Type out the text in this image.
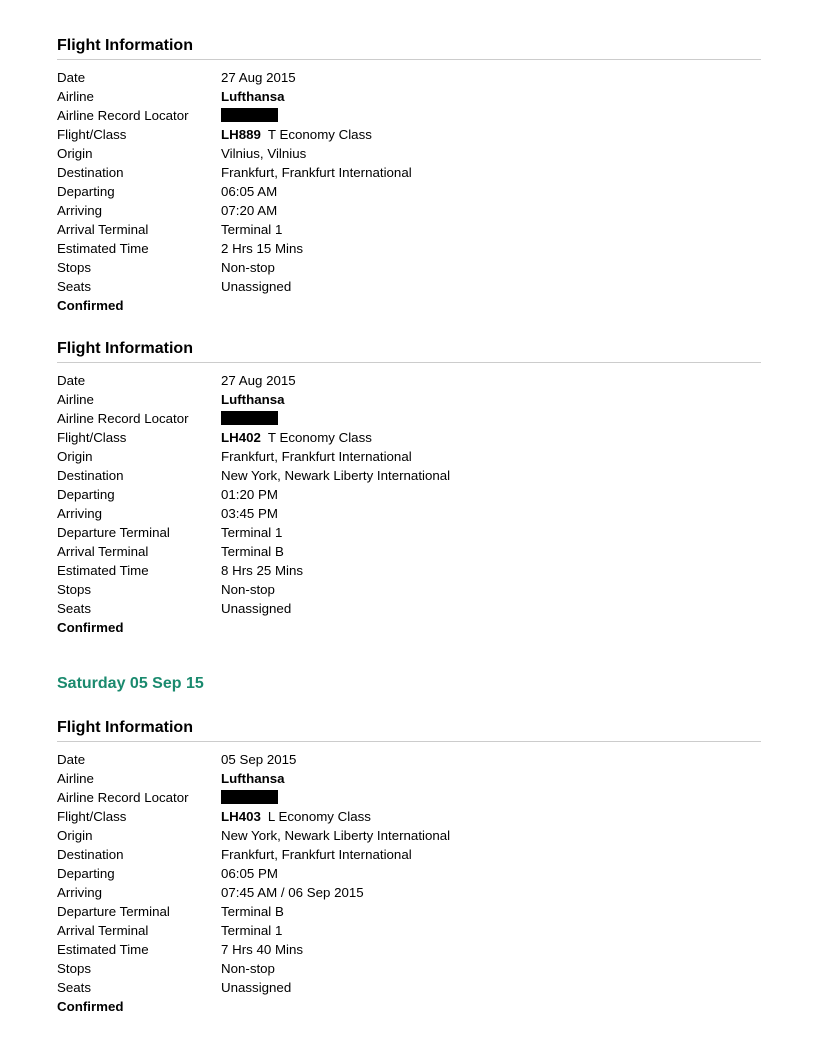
Flight Information
Date	27 Aug 2015
Airline	Lufthansa
Airline Record Locator
Flight/Class	LH889 T Economy Class
Origin	Vilnius, Vilnius
Destination	Frankfurt, Frankfurt International
Departing	06:05 AM
Arriving	07:20 AM
Arrival Terminal	Terminal 1
Estimated Time	2 Hrs 15 Mins
Stops	Non-stop
Seats	Unassigned
Confirmed
Flight Information
Date	27 Aug 2015
Airline	Lufthansa
Airline Record Locator
Flight/Class	LH402 T Economy Class
Origin	Frankfurt, Frankfurt International
Destination	New York, Newark Liberty International
Departing	01:20 PM
Arriving	03:45 PM
Departure Terminal	Terminal 1
Arrival Terminal	Terminal B
Estimated Time	8 Hrs 25 Mins
Stops	Non-stop
Seats	Unassigned
Confirmed
Saturday 05 Sep 15
Flight Information
Date	05 Sep 2015
Airline	Lufthansa
Airline Record Locator
Flight/Class	LH403 L Economy Class
Origin	New York, Newark Liberty International
Destination	Frankfurt, Frankfurt International
Departing	06:05 PM
Arriving	07:45 AM / 06 Sep 2015
Departure Terminal	Terminal B
Arrival Terminal	Terminal 1
Estimated Time	7 Hrs 40 Mins
Stops	Non-stop
Seats	Unassigned
Confirmed
